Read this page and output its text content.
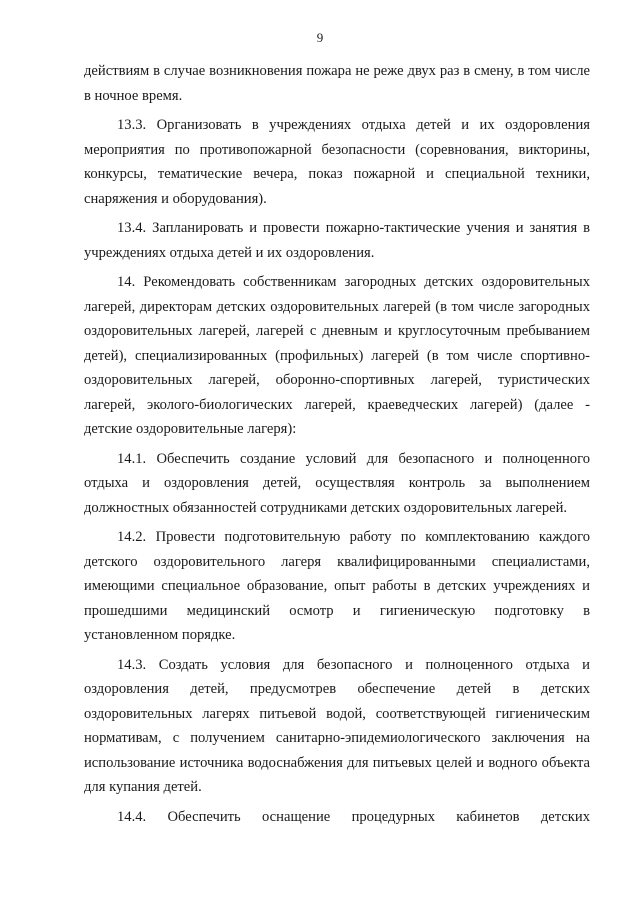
9

действиям в случае возникновения пожара не реже двух раз в смену, в том числе в ночное время.

13.3. Организовать в учреждениях отдыха детей и их оздоровления мероприятия по противопожарной безопасности (соревнования, викторины, конкурсы, тематические вечера, показ пожарной и специальной техники, снаряжения и оборудования).

13.4. Запланировать и провести пожарно-тактические учения и занятия в учреждениях отдыха детей и их оздоровления.

14. Рекомендовать собственникам загородных детских оздоровительных лагерей, директорам детских оздоровительных лагерей (в том числе загородных оздоровительных лагерей, лагерей с дневным и круглосуточным пребыванием детей), специализированных (профильных) лагерей (в том числе спортивно-оздоровительных лагерей, оборонно-спортивных лагерей, туристических лагерей, эколого-биологических лагерей, краеведческих лагерей) (далее - детские оздоровительные лагеря):

14.1. Обеспечить создание условий для безопасного и полноценного отдыха и оздоровления детей, осуществляя контроль за выполнением должностных обязанностей сотрудниками детских оздоровительных лагерей.

14.2. Провести подготовительную работу по комплектованию каждого детского оздоровительного лагеря квалифицированными специалистами, имеющими специальное образование, опыт работы в детских учреждениях и прошедшими медицинский осмотр и гигиеническую подготовку в установленном порядке.

14.3. Создать условия для безопасного и полноценного отдыха и оздоровления детей, предусмотрев обеспечение детей в детских оздоровительных лагерях питьевой водой, соответствующей гигиеническим нормативам, с получением санитарно-эпидемиологического заключения на использование источника водоснабжения для питьевых целей и водного объекта для купания детей.

14.4. Обеспечить оснащение процедурных кабинетов детских
